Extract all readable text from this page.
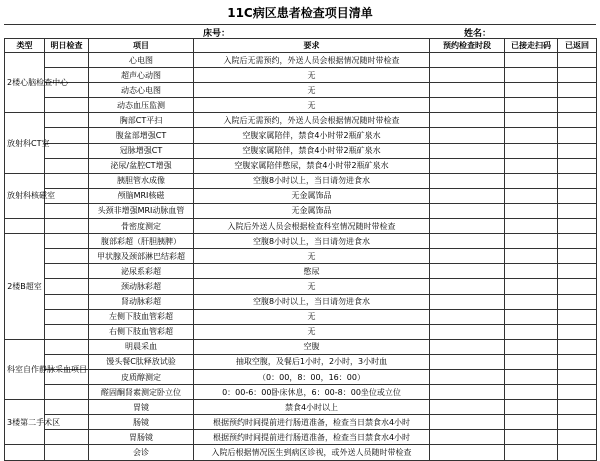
11C病区患者检查项目清单
床号：	姓名：
类型	明日检查	项目	要求	预约检查时段	已接走扫码	已返回
2楼心脑检查中心		心电图	入院后无需预约，外送人员会根据情况随时带检查			
		超声心动图	无			
		动态心电图	无			
		动态血压监测	无			
放射科CT室		胸部CT平扫	入院后无需预约，外送人员会根据情况随时带检查			
		腹盆部增强CT	空腹家属陪伴，禁食4小时带2瓶矿泉水			
		冠脉增强CT	空腹家属陪伴，禁食4小时带2瓶矿泉水			
		泌尿/盆腔CT增强	空腹家属陪伴憋尿，禁食4小时带2瓶矿泉水			
放射科核磁室		胰胆管水成像	空腹8小时以上，当日请勿进食水			
		颅脑MRI核磁	无金属饰品			
		头颈非增强MRI动脉血管	无金属饰品			
		骨密度测定	入院后外送人员会根据检查科室情况随时带检查			
2楼B超室		腹部彩超（肝胆胰脾）	空腹8小时以上，当日请勿进食水			
		甲状腺及颈部淋巴结彩超	无			
		泌尿系彩超	憋尿			
		颈动脉彩超	无			
		肾动脉彩超	空腹8小时以上，当日请勿进食水			
		左侧下肢血管彩超	无			
		右侧下肢血管彩超	无			
科室自作静脉采血项目		明晨采血	空腹			
		馒头餐C肽释放试验	抽取空腹，及餐后1小时，2小时，3小时血			
		皮质醇测定	（0：00，8：00，16：00）			
		醛固酮肾素测定卧立位	0：00-6：00卧床休息，6：00-8：00坐位或立位			
3楼第二手术区		胃镜	禁食4小时以上			
		肠镜	根据预约时间提前进行肠道准备，检查当日禁食水4小时			
		胃肠镜	根据预约时间提前进行肠道准备，检查当日禁食水4小时			
		会诊	入院后根据情况医生到病区诊视，或外送人员随时带检查			
